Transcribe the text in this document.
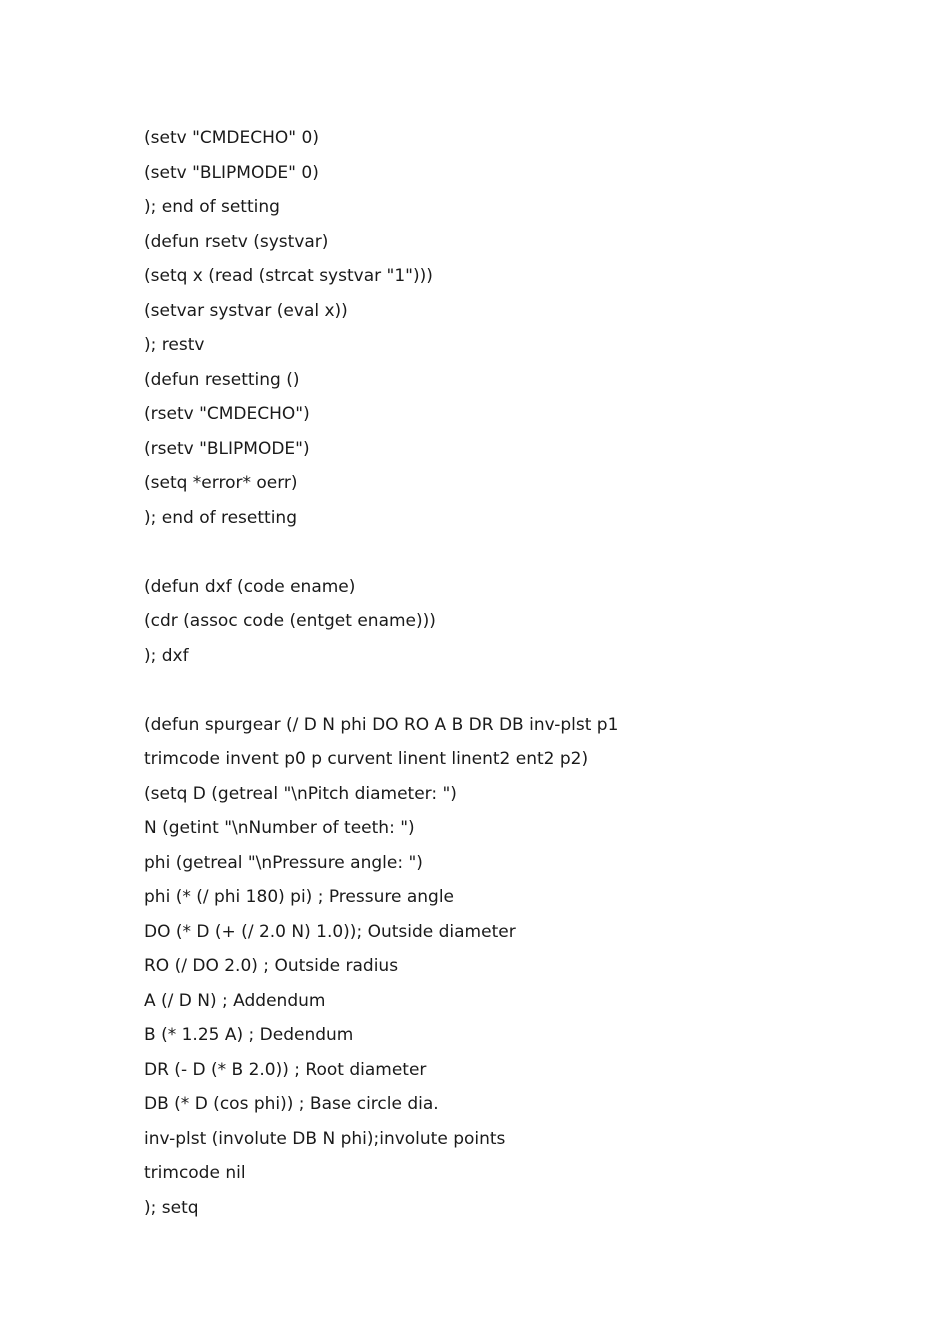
(setv "CMDECHO" 0)
(setv "BLIPMODE" 0)
); end of setting
(defun rsetv (systvar)
(setq x (read (strcat systvar "1")))
(setvar systvar (eval x))
); restv
(defun resetting ()
(rsetv "CMDECHO")
(rsetv "BLIPMODE")
(setq *error* oerr)
); end of resetting
(defun dxf (code ename)
(cdr (assoc code (entget ename)))
); dxf
(defun spurgear (/ D N phi DO RO A B DR DB inv-plst p1
trimcode invent p0 p curvent linent linent2 ent2 p2)
(setq D (getreal "\nPitch diameter: ")
N (getint "\nNumber of teeth: ")
phi (getreal "\nPressure angle: ")
phi (* (/ phi 180) pi) ; Pressure angle
DO (* D (+ (/ 2.0 N) 1.0)); Outside diameter
RO (/ DO 2.0) ; Outside radius
A (/ D N) ; Addendum
B (* 1.25 A) ; Dedendum
DR (- D (* B 2.0)) ; Root diameter
DB (* D (cos phi)) ; Base circle dia.
inv-plst (involute DB N phi);involute points
trimcode nil
); setq
